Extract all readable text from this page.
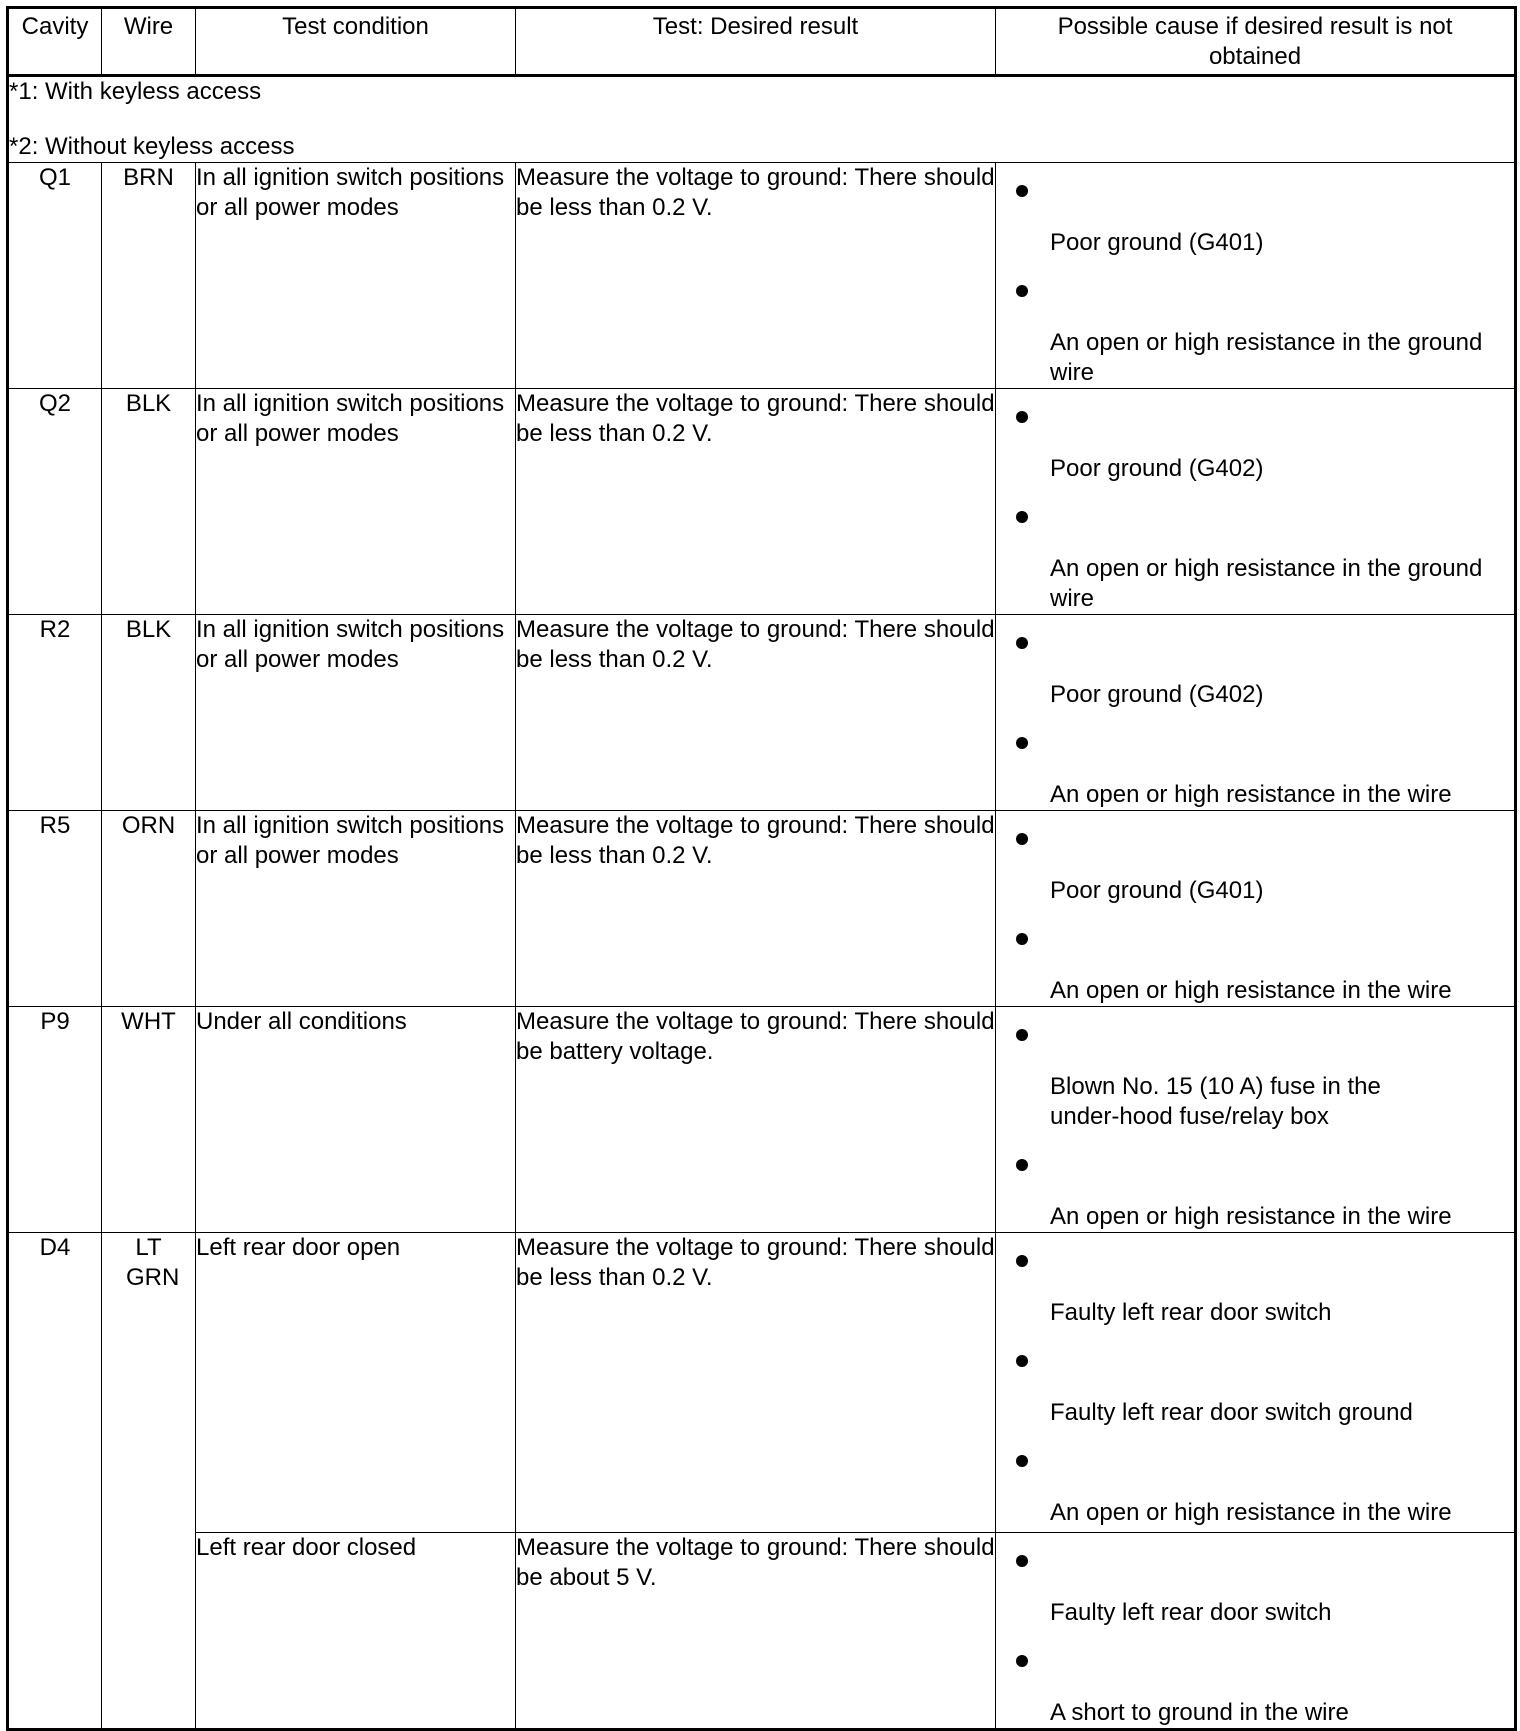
Cavity	Wire	Test condition	Test: Desired result	Possible cause if desired result is not obtained

*1: With keyless access
*2: Without keyless access				

Q1	BRN	In all ignition switch positions or all power modes	Measure the voltage to ground: There should be less than 0.2 V.	Poor ground (G401)
An open or high resistance in the ground wire

Q2	BLK	In all ignition switch positions or all power modes	Measure the voltage to ground: There should be less than 0.2 V.	Poor ground (G402)
An open or high resistance in the ground wire

R2	BLK	In all ignition switch positions or all power modes	Measure the voltage to ground: There should be less than 0.2 V.	Poor ground (G402)
An open or high resistance in the wire

R5	ORN	In all ignition switch positions or all power modes	Measure the voltage to ground: There should be less than 0.2 V.	Poor ground (G401)
An open or high resistance in the wire

P9	WHT	Under all conditions	Measure the voltage to ground: There should be battery voltage.	Blown No. 15 (10 A) fuse in the under-hood fuse/relay box
An open or high resistance in the wire

D4	LT GRN	Left rear door open	Measure the voltage to ground: There should be less than 0.2 V.	Faulty left rear door switch
Faulty left rear door switch ground
An open or high resistance in the wire

		Left rear door closed	Measure the voltage to ground: There should be about 5 V.	Faulty left rear door switch
A short to ground in the wire
